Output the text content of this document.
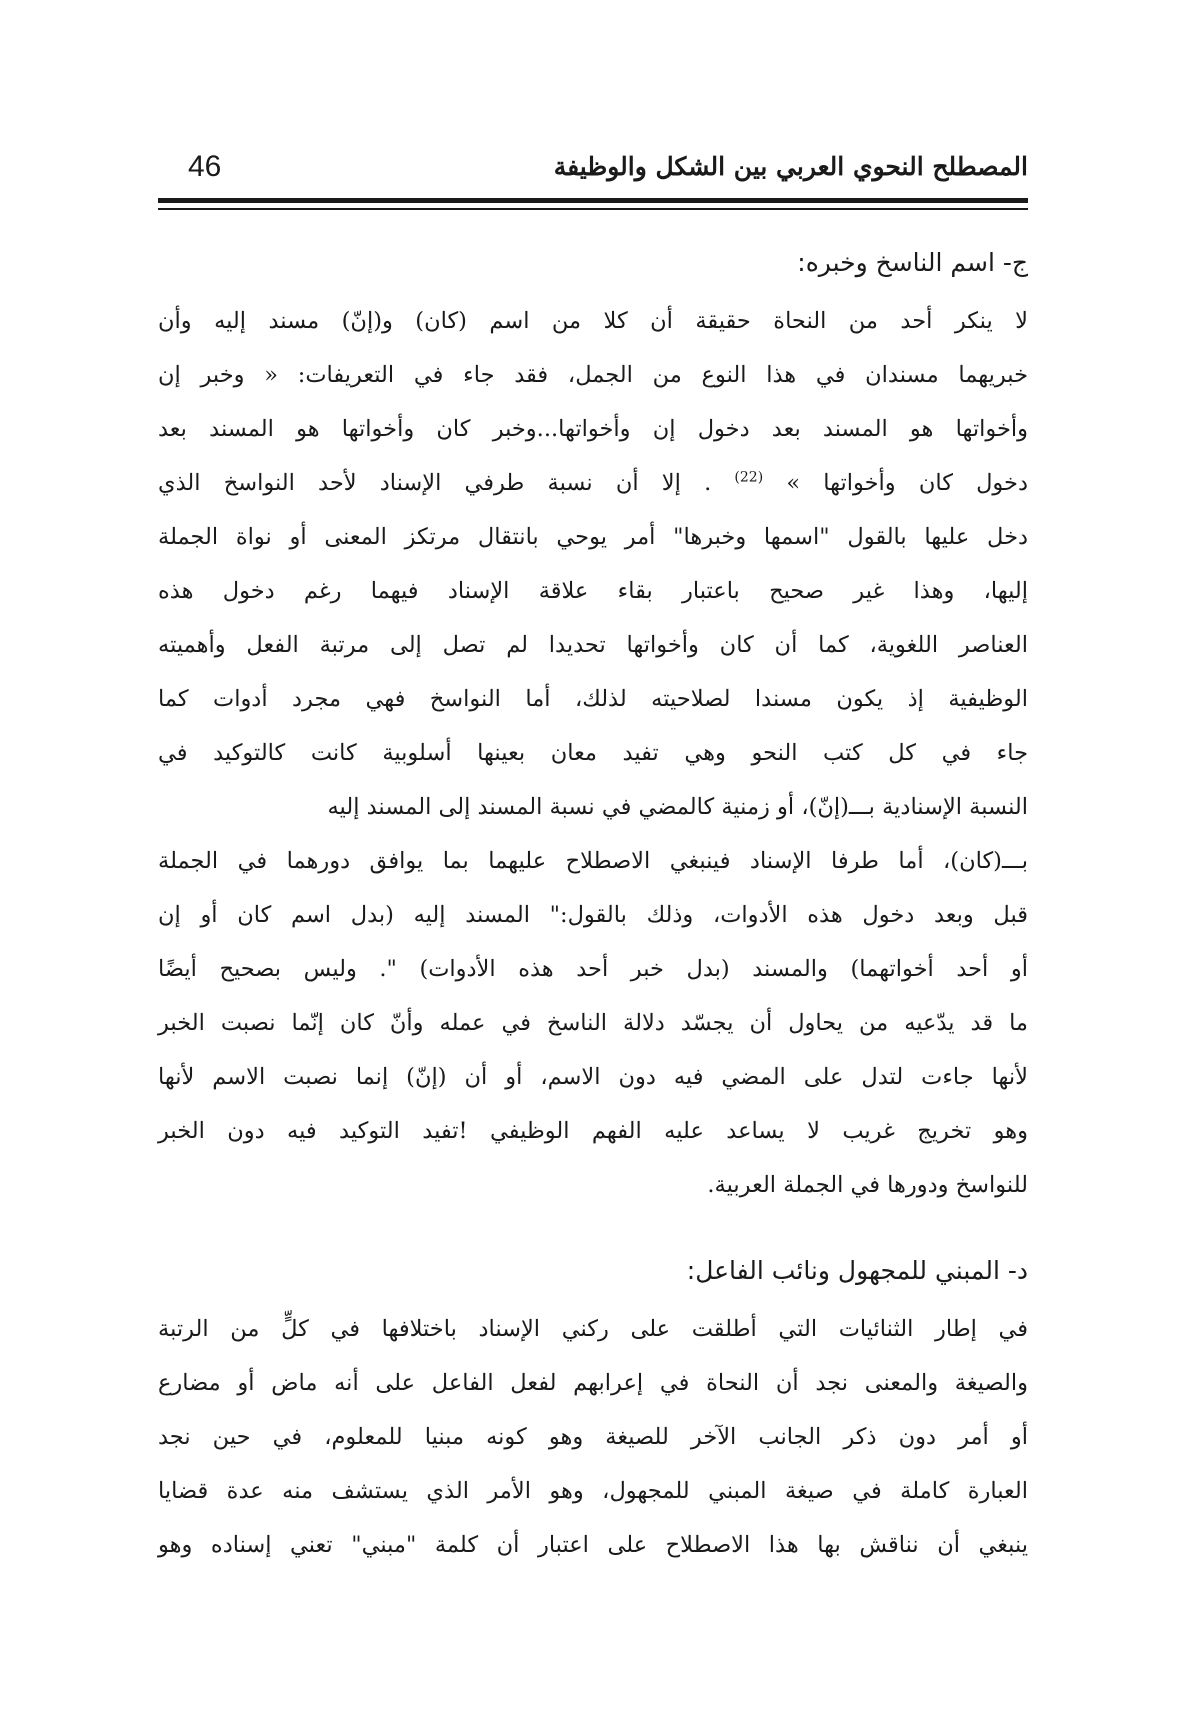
المصطلح النحوي العربي بين الشكل والوظيفة
46
ج- اسم الناسخ وخبره:
لا ينكر أحد من النحاة حقيقة أن كلا من اسم (كان) و(إنّ) مسند إليه وأن
خبريهما مسندان في هذا النوع من الجمل، فقد جاء في التعريفات: « وخبر إن
وأخواتها هو المسند بعد دخول إن وأخواتها...وخبر كان وأخواتها هو المسند بعد
دخول كان وأخواتها » $^{(22)}$ . إلا أن نسبة طرفي الإسناد لأحد النواسخ الذي
دخل عليها بالقول "اسمها وخبرها" أمر يوحي بانتقال مرتكز المعنى أو نواة الجملة
إليها، وهذا غير صحيح باعتبار بقاء علاقة الإسناد فيهما رغم دخول هذه
العناصر اللغوية، كما أن كان وأخواتها تحديدا لم تصل إلى مرتبة الفعل وأهميته
الوظيفية إذ يكون مسندا لصلاحيته لذلك، أما النواسخ فهي مجرد أدوات كما
جاء في كل كتب النحو وهي تفيد معان بعينها أسلوبية كانت كالتوكيد في
النسبة الإسنادية بـــ(إنّ)، أو زمنية كالمضي في نسبة المسند إلى المسند إليه
بـــ(كان)، أما طرفا الإسناد فينبغي الاصطلاح عليهما بما يوافق دورهما في الجملة
قبل وبعد دخول هذه الأدوات، وذلك بالقول:" المسند إليه (بدل اسم كان أو إن
أو أحد أخواتهما) والمسند (بدل خبر أحد هذه الأدوات) ". وليس بصحيح أيضًا
ما قد يدّعيه من يحاول أن يجسّد دلالة الناسخ في عمله وأنّ كان إنّما نصبت الخبر
لأنها جاءت لتدل على المضي فيه دون الاسم، أو أن (إنّ) إنما نصبت الاسم لأنها
وهو تخريج غريب لا يساعد عليه الفهم الوظيفي !تفيد التوكيد فيه دون الخبر
للنواسخ ودورها في الجملة العربية.
د- المبني للمجهول ونائب الفاعل:
في إطار الثنائيات التي أطلقت على ركني الإسناد باختلافها في كلٍّ من الرتبة
والصيغة والمعنى نجد أن النحاة في إعرابهم لفعل الفاعل على أنه ماض أو مضارع
أو أمر دون ذكر الجانب الآخر للصيغة وهو كونه مبنيا للمعلوم، في حين نجد
العبارة كاملة في صيغة المبني للمجهول، وهو الأمر الذي يستشف منه عدة قضايا
ينبغي أن نناقش بها هذا الاصطلاح على اعتبار أن كلمة "مبني" تعني إسناده وهو
